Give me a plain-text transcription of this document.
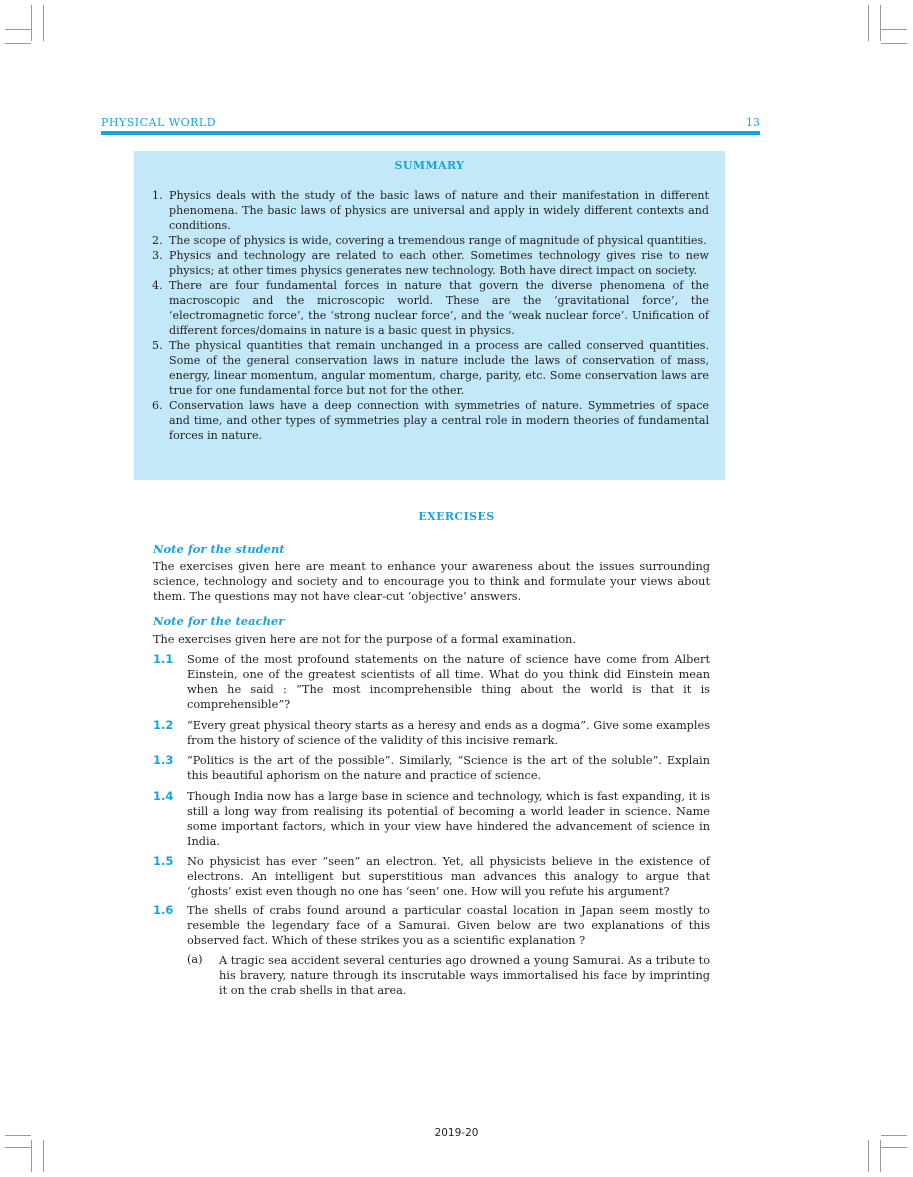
PHYSICAL WORLD	13
SUMMARY
1. Physics deals with the study of the basic laws of nature and their manifestation in different phenomena. The basic laws of physics are universal and apply in widely different contexts and conditions.
2. The scope of physics is wide, covering a tremendous range of magnitude of physical quantities.
3. Physics and technology are related to each other. Sometimes technology gives rise to new physics; at other times physics generates new technology. Both have direct impact on society.
4. There are four fundamental forces in nature that govern the diverse phenomena of the macroscopic and the microscopic world. These are the ‘gravitational force’, the ‘electromagnetic force’, the ‘strong nuclear force’, and the ‘weak nuclear force’. Unification of different forces/domains in nature is a basic quest in physics.
5. The physical quantities that remain unchanged in a process are called conserved quantities. Some of the general conservation laws in nature include the laws of conservation of mass, energy, linear momentum, angular momentum, charge, parity, etc. Some conservation laws are true for one fundamental force but not for the other.
6. Conservation laws have a deep connection with symmetries of nature. Symmetries of space and time, and other types of symmetries play a central role in modern theories of fundamental forces in nature.
EXERCISES
Note for the student
The exercises given here are meant to enhance your awareness about the issues surrounding science, technology and society and to encourage you to think and formulate your views about them. The questions may not have clear-cut ‘objective’ answers.
Note for the teacher
The exercises given here are not for the purpose of a formal examination.
1.1 Some of the most profound statements on the nature of science have come from Albert Einstein, one of the greatest scientists of all time. What do you think did Einstein mean when he said : “The most incomprehensible thing about the world is that it is comprehensible”?
1.2 “Every great physical theory starts as a heresy and ends as a dogma”. Give some examples from the history of science of the validity of this incisive remark.
1.3 “Politics is the art of the possible”. Similarly, “Science is the art of the soluble”. Explain this beautiful aphorism on the nature and practice of science.
1.4 Though India now has a large base in science and technology, which is fast expanding, it is still a long way from realising its potential of becoming a world leader in science. Name some important factors, which in your view have hindered the advancement of science in India.
1.5 No physicist has ever “seen” an electron. Yet, all physicists believe in the existence of electrons. An intelligent but superstitious man advances this analogy to argue that ‘ghosts’ exist even though no one has ‘seen’ one. How will you refute his argument?
1.6 The shells of crabs found around a particular coastal location in Japan seem mostly to resemble the legendary face of a Samurai. Given below are two explanations of this observed fact. Which of these strikes you as a scientific explanation ?
(a) A tragic sea accident several centuries ago drowned a young Samurai. As a tribute to his bravery, nature through its inscrutable ways immortalised his face by imprinting it on the crab shells in that area.
2019-20
